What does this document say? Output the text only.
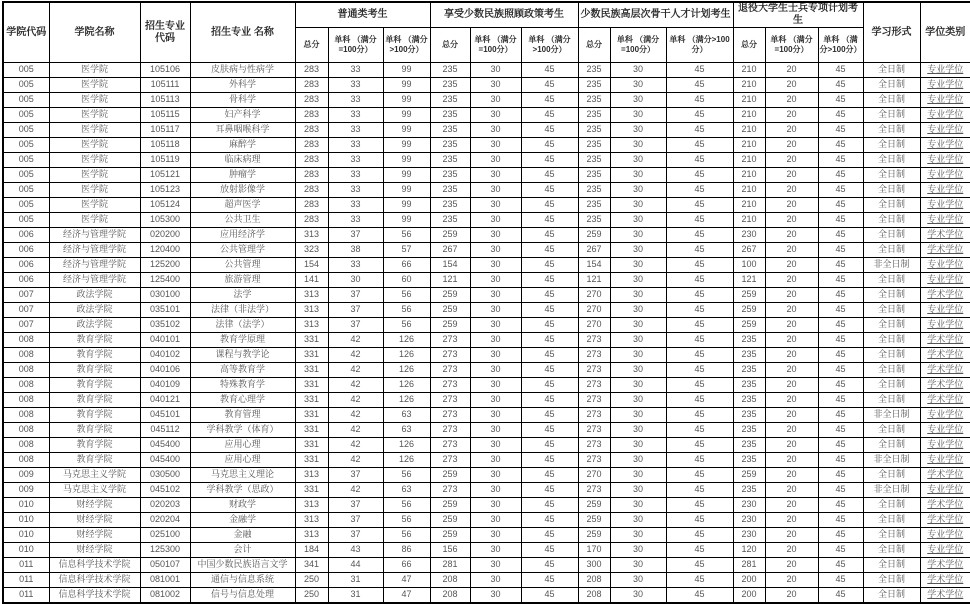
学院代码	学院名称	招生专业 代码	招生专业 名称	普通类考生			享受少数民族照顾政策考生			少数民族高层次骨干人才计划考生			退役大学生士兵专项计划考生			学习形式	学位类别
				总分	单科 （满分=100分）	单科 （满分>100分）	总分	单科 （满分=100分）	单科 （满分>100分）	总分	单科 （满分=100分）	单科 （满分>100分）	总分	单科 （满分=100分）	单科 （满分>100分）		
005	医学院	105106	皮肤病与性病学	283	33	99	235	30	45	235	30	45	210	20	45	全日制	专业学位
005	医学院	105111	外科学	283	33	99	235	30	45	235	30	45	210	20	45	全日制	专业学位
005	医学院	105113	骨科学	283	33	99	235	30	45	235	30	45	210	20	45	全日制	专业学位
005	医学院	105115	妇产科学	283	33	99	235	30	45	235	30	45	210	20	45	全日制	专业学位
005	医学院	105117	耳鼻咽喉科学	283	33	99	235	30	45	235	30	45	210	20	45	全日制	专业学位
005	医学院	105118	麻醉学	283	33	99	235	30	45	235	30	45	210	20	45	全日制	专业学位
005	医学院	105119	临床病理	283	33	99	235	30	45	235	30	45	210	20	45	全日制	专业学位
005	医学院	105121	肿瘤学	283	33	99	235	30	45	235	30	45	210	20	45	全日制	专业学位
005	医学院	105123	放射影像学	283	33	99	235	30	45	235	30	45	210	20	45	全日制	专业学位
005	医学院	105124	超声医学	283	33	99	235	30	45	235	30	45	210	20	45	全日制	专业学位
005	医学院	105300	公共卫生	283	33	99	235	30	45	235	30	45	210	20	45	全日制	专业学位
006	经济与管理学院	020200	应用经济学	313	37	56	259	30	45	259	30	45	230	20	45	全日制	学术学位
006	经济与管理学院	120400	公共管理学	323	38	57	267	30	45	267	30	45	267	20	45	全日制	学术学位
006	经济与管理学院	125200	公共管理	154	33	66	154	30	45	154	30	45	100	20	45	非全日制	专业学位
006	经济与管理学院	125400	旅游管理	141	30	60	121	30	45	121	30	45	121	20	45	全日制	专业学位
007	政法学院	030100	法学	313	37	56	259	30	45	270	30	45	259	20	45	全日制	学术学位
007	政法学院	035101	法律（非法学）	313	37	56	259	30	45	270	30	45	259	20	45	全日制	专业学位
007	政法学院	035102	法律（法学）	313	37	56	259	30	45	270	30	45	259	20	45	全日制	专业学位
008	教育学院	040101	教育学原理	331	42	126	273	30	45	273	30	45	235	20	45	全日制	学术学位
008	教育学院	040102	课程与教学论	331	42	126	273	30	45	273	30	45	235	20	45	全日制	学术学位
008	教育学院	040106	高等教育学	331	42	126	273	30	45	273	30	45	235	20	45	全日制	学术学位
008	教育学院	040109	特殊教育学	331	42	126	273	30	45	273	30	45	235	20	45	全日制	学术学位
008	教育学院	040121	教育心理学	331	42	126	273	30	45	273	30	45	235	20	45	全日制	学术学位
008	教育学院	045101	教育管理	331	42	63	273	30	45	273	30	45	235	20	45	非全日制	专业学位
008	教育学院	045112	学科教学（体育）	331	42	63	273	30	45	273	30	45	235	20	45	全日制	专业学位
008	教育学院	045400	应用心理	331	42	126	273	30	45	273	30	45	235	20	45	全日制	专业学位
008	教育学院	045400	应用心理	331	42	126	273	30	45	273	30	45	235	20	45	非全日制	专业学位
009	马克思主义学院	030500	马克思主义理论	313	37	56	259	30	45	270	30	45	259	20	45	全日制	学术学位
009	马克思主义学院	045102	学科教学（思政）	331	42	63	273	30	45	273	30	45	235	20	45	非全日制	专业学位
010	财经学院	020203	财政学	313	37	56	259	30	45	259	30	45	230	20	45	全日制	学术学位
010	财经学院	020204	金融学	313	37	56	259	30	45	259	30	45	230	20	45	全日制	学术学位
010	财经学院	025100	金融	313	37	56	259	30	45	259	30	45	230	20	45	全日制	专业学位
010	财经学院	125300	会计	184	43	86	156	30	45	170	30	45	120	20	45	全日制	专业学位
011	信息科学技术学院	050107	中国少数民族语言文学	341	44	66	281	30	45	300	30	45	281	20	45	全日制	学术学位
011	信息科学技术学院	081001	通信与信息系统	250	31	47	208	30	45	208	30	45	200	20	45	全日制	学术学位
011	信息科学技术学院	081002	信号与信息处理	250	31	47	208	30	45	208	30	45	200	20	45	全日制	学术学位
